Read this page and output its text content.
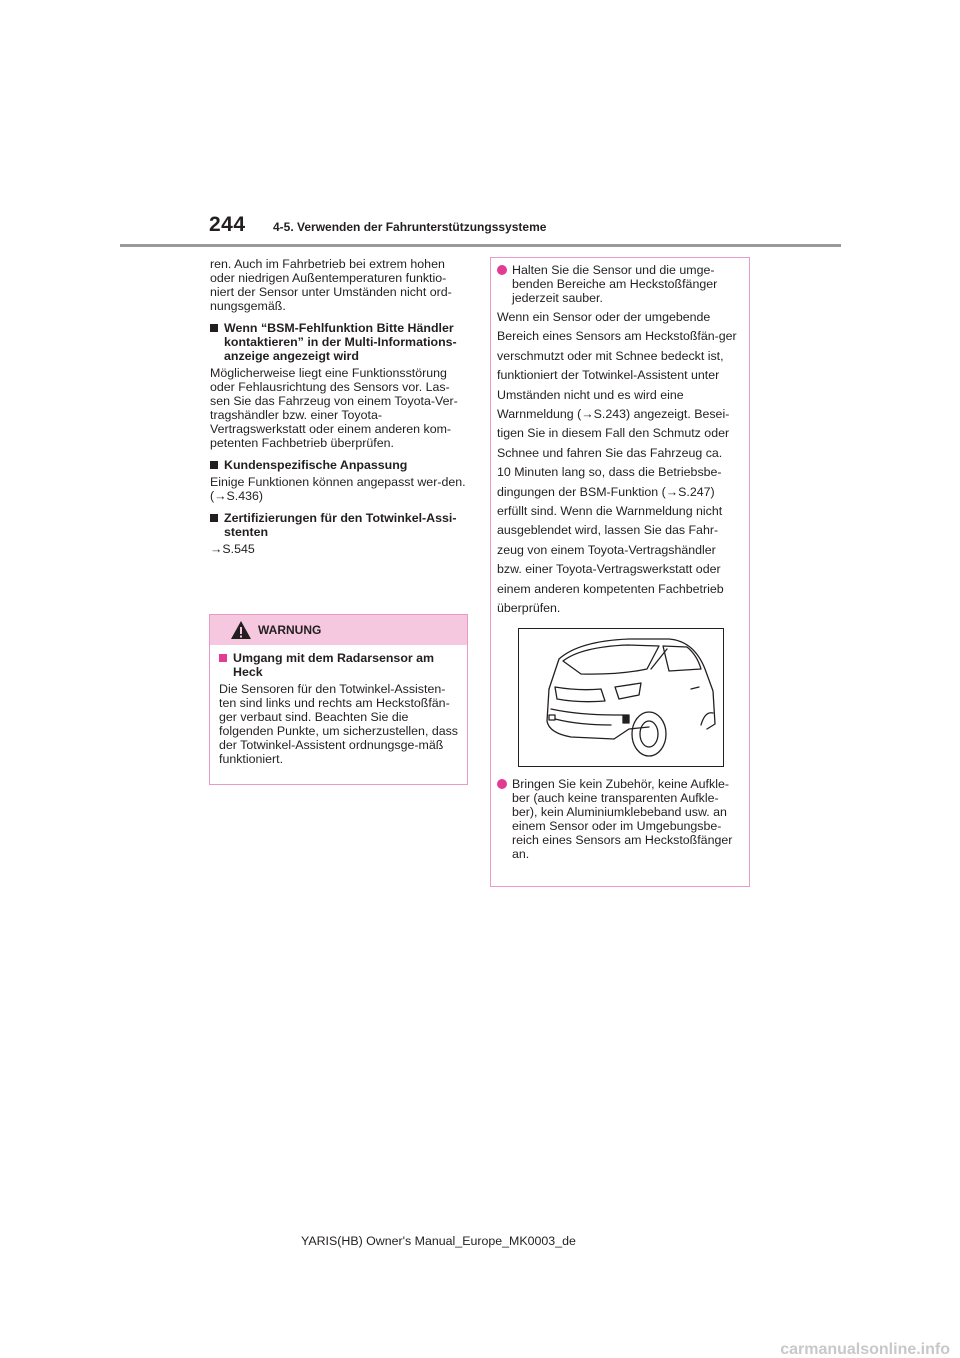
244 4-5. Verwenden der Fahrunterstützungssysteme

ren. Auch im Fahrbetrieb bei extrem hohen oder niedrigen Außentemperaturen funktio-niert der Sensor unter Umständen nicht ord-nungsgemäß.

Wenn “BSM-Fehlfunktion Bitte Händler kontaktieren” in der Multi-Informations-anzeige angezeigt wird

Möglicherweise liegt eine Funktionsstörung oder Fehlausrichtung des Sensors vor. Las-sen Sie das Fahrzeug von einem Toyota-Ver-tragshändler bzw. einer Toyota-Vertragswerkstatt oder einem anderen kom-petenten Fachbetrieb überprüfen.

Kundenspezifische Anpassung

Einige Funktionen können angepasst wer-den. (→S.436)

Zertifizierungen für den Totwinkel-Assi-stenten

→S.545

WARNUNG
Umgang mit dem Radarsensor am Heck
Die Sensoren für den Totwinkel-Assisten-ten sind links und rechts am Heckstoßfän-ger verbaut sind. Beachten Sie die folgenden Punkte, um sicherzustellen, dass der Totwinkel-Assistent ordnungsge-mäß funktioniert.
Halten Sie die Sensor und die umge-benden Bereiche am Heckstoßfänger jederzeit sauber.

Wenn ein Sensor oder der umgebende Bereich eines Sensors am Heckstoßfän-ger verschmutzt oder mit Schnee bedeckt ist, funktioniert der Totwinkel-Assistent unter Umständen nicht und es wird eine Warnmeldung (→S.243) angezeigt. Besei-tigen Sie in diesem Fall den Schmutz oder Schnee und fahren Sie das Fahrzeug ca. 10 Minuten lang so, dass die Betriebsbe-dingungen der BSM-Funktion (→S.247) erfüllt sind. Wenn die Warnmeldung nicht ausgeblendet wird, lassen Sie das Fahr-zeug von einem Toyota-Vertragshändler bzw. einer Toyota-Vertragswerkstatt oder einem anderen kompetenten Fachbetrieb überprüfen.

Bringen Sie kein Zubehör, keine Aufkle-ber (auch keine transparenten Aufkle-ber), kein Aluminiumklebeband usw. an einem Sensor oder im Umgebungsbe-reich eines Sensors am Heckstoßfänger an.
YARIS(HB) Owner's Manual_Europe_MK0003_de
carmanualsonline.info
